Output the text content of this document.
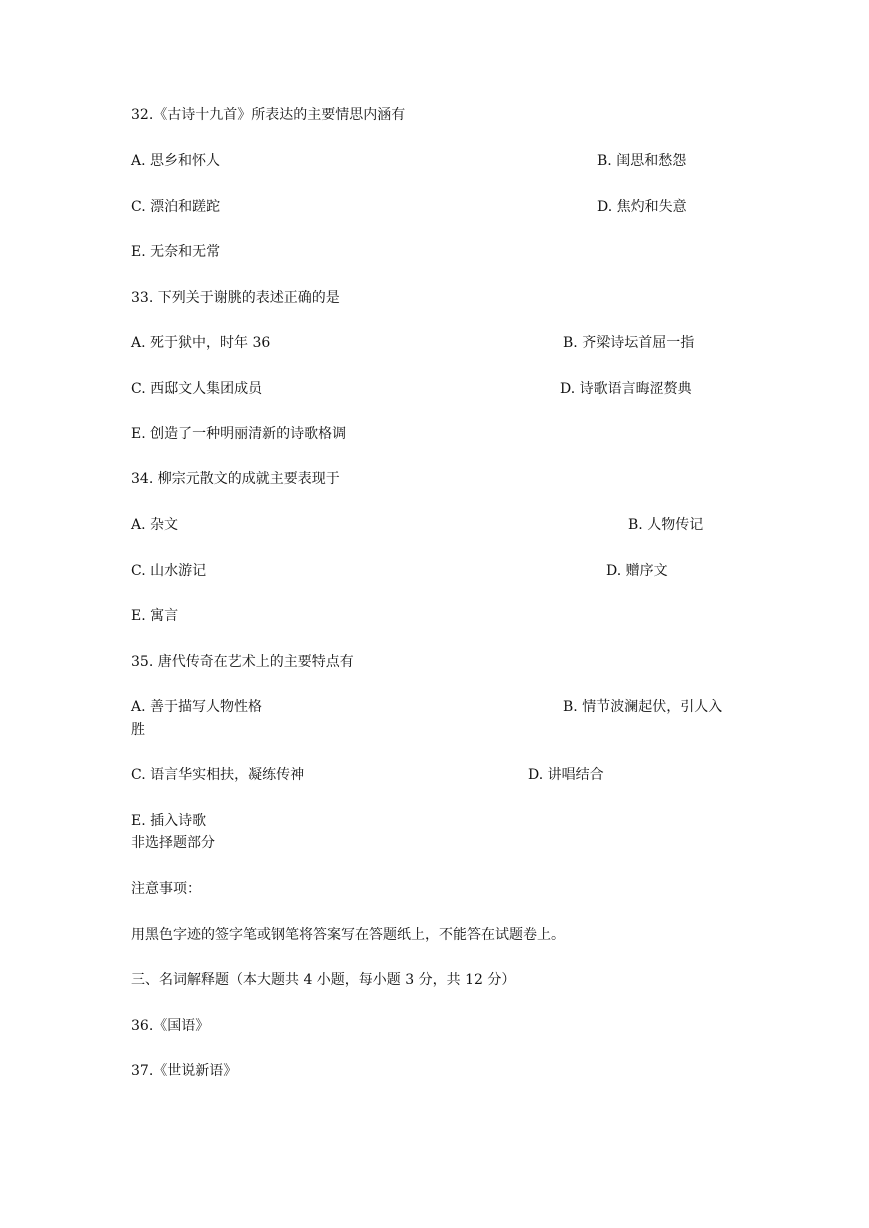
32.《古诗十九首》所表达的主要情思内涵有
A. 思乡和怀人	B. 闺思和愁怨
C. 漂泊和蹉跎	D. 焦灼和失意
E. 无奈和无常
33. 下列关于谢朓的表述正确的是
A. 死于狱中，时年 36	B. 齐梁诗坛首屈一指
C. 西邸文人集团成员	D. 诗歌语言晦涩赘典
E. 创造了一种明丽清新的诗歌格调
34. 柳宗元散文的成就主要表现于
A. 杂文	B. 人物传记
C. 山水游记	D. 赠序文
E. 寓言
35. 唐代传奇在艺术上的主要特点有
A. 善于描写人物性格	B. 情节波澜起伏，引人入
胜
C. 语言华实相扶，凝练传神	D. 讲唱结合
E. 插入诗歌
非选择题部分
注意事项：
用黑色字迹的签字笔或钢笔将答案写在答题纸上，不能答在试题卷上。
三、名词解释题（本大题共 4 小题，每小题 3 分，共 12 分）
36.《国语》
37.《世说新语》
